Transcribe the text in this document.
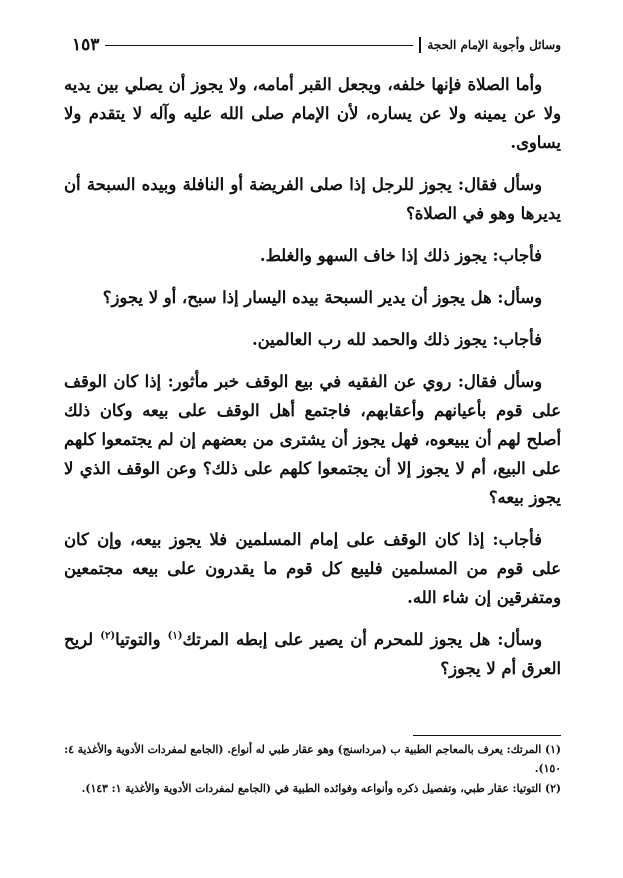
وسائل وأجوبة الإمام الحجة
١٥٣

وأما الصلاة فإنها خلفه، ويجعل القبر أمامه، ولا يجوز أن يصلي بين يديه ولا عن يمينه ولا عن يساره، لأن الإمام صلى الله عليه وآله لا يتقدم ولا يساوى.

وسأل فقال: يجوز للرجل إذا صلى الفريضة أو النافلة وبيده السبحة أن يديرها وهو في الصلاة؟

فأجاب: يجوز ذلك إذا خاف السهو والغلط.

وسأل: هل يجوز أن يدير السبحة بيده اليسار إذا سبح، أو لا يجوز؟

فأجاب: يجوز ذلك والحمد لله رب العالمين.

وسأل فقال: روي عن الفقيه في بيع الوقف خبر مأثور: إذا كان الوقف على قوم بأعيانهم وأعقابهم، فاجتمع أهل الوقف على بيعه وكان ذلك أصلح لهم أن يبيعوه، فهل يجوز أن يشترى من بعضهم إن لم يجتمعوا كلهم على البيع، أم لا يجوز إلا أن يجتمعوا كلهم على ذلك؟ وعن الوقف الذي لا يجوز بيعه؟

فأجاب: إذا كان الوقف على إمام المسلمين فلا يجوز بيعه، وإن كان على قوم من المسلمين فليبع كل قوم ما يقدرون على بيعه مجتمعين ومتفرقين إن شاء الله.

وسأل: هل يجوز للمحرم أن يصير على إبطه المرتك$^{(١)}$ والتوتيا$^{(٢)}$ لريح العرق أم لا يجوز؟

(١) المرتك: يعرف بالمعاجم الطبية ب (مرداسنج) وهو عقار طبي له أنواع. (الجامع لمفردات الأدوية والأغذية ٤: ١٥٠).

(٢) التوتيا: عقار طبي، وتفصيل ذكره وأنواعه وفوائده الطبية في (الجامع لمفردات الأدوية والأغذية ١: ١٤٣).
